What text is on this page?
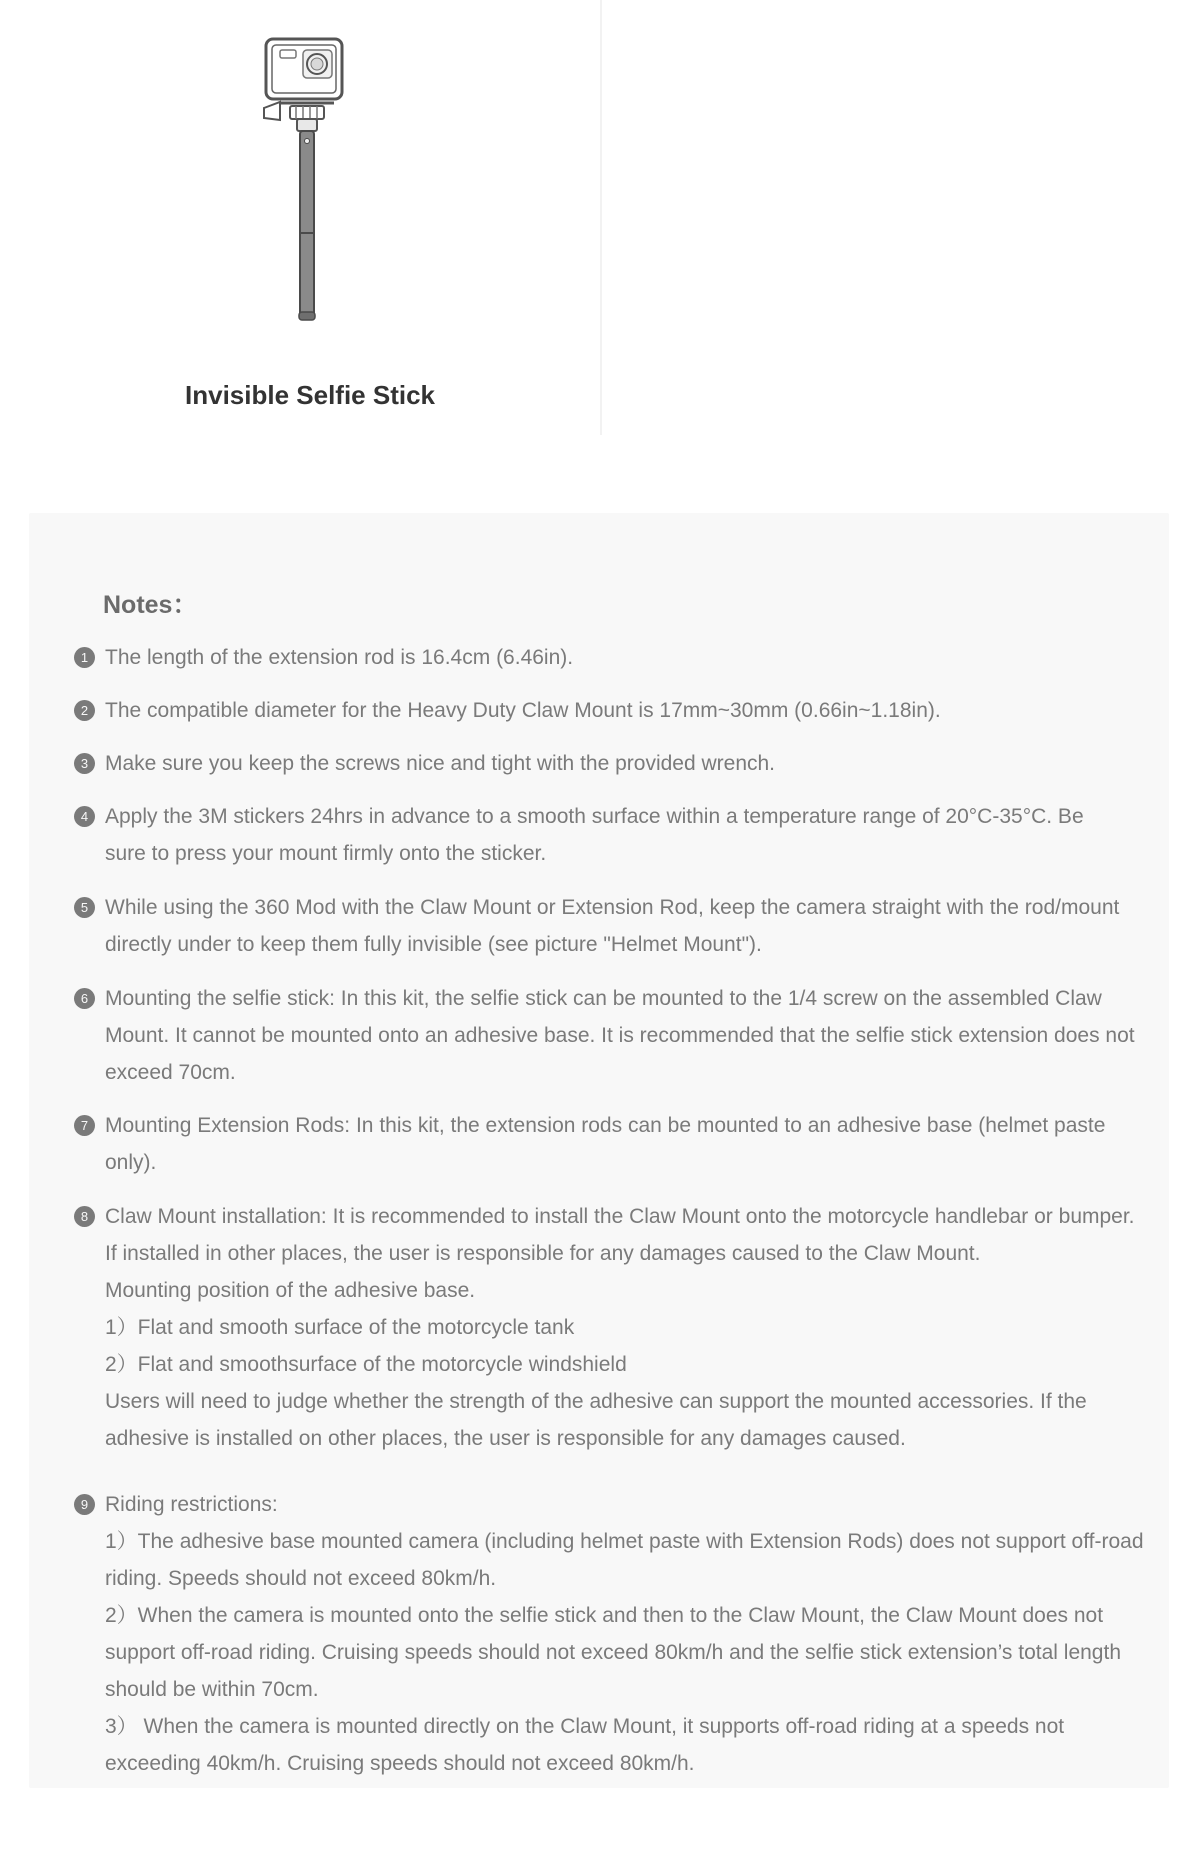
Invisible Selfie Stick
Notes：
1 The length of the extension rod is 16.4cm (6.46in).
2 The compatible diameter for the Heavy Duty Claw Mount is 17mm~30mm (0.66in~1.18in).
3 Make sure you keep the screws nice and tight with the provided wrench.
4 Apply the 3M stickers 24hrs in advance to a smooth surface within a temperature range of 20°C-35°C. Be
sure to press your mount firmly onto the sticker.
5 While using the 360 Mod with the Claw Mount or Extension Rod, keep the camera straight with the rod/mount
directly under to keep them fully invisible (see picture "Helmet Mount").
6 Mounting the selfie stick: In this kit, the selfie stick can be mounted to the 1/4 screw on the assembled Claw
Mount. It cannot be mounted onto an adhesive base. It is recommended that the selfie stick extension does not
exceed 70cm.
7 Mounting Extension Rods: In this kit, the extension rods can be mounted to an adhesive base (helmet paste
only).
8 Claw Mount installation: It is recommended to install the Claw Mount onto the motorcycle handlebar or bumper.
If installed in other places, the user is responsible for any damages caused to the Claw Mount.
Mounting position of the adhesive base.
1）Flat and smooth surface of the motorcycle tank
2）Flat and smoothsurface of the motorcycle windshield
Users will need to judge whether the strength of the adhesive can support the mounted accessories. If the
adhesive is installed on other places, the user is responsible for any damages caused.
9 Riding restrictions:
1）The adhesive base mounted camera (including helmet paste with Extension Rods) does not support off-road
riding. Speeds should not exceed 80km/h.
2）When the camera is mounted onto the selfie stick and then to the Claw Mount, the Claw Mount does not
support off-road riding. Cruising speeds should not exceed 80km/h and the selfie stick extension’s total length
should be within 70cm.
3） When the camera is mounted directly on the Claw Mount, it supports off-road riding at a speeds not
exceeding 40km/h. Cruising speeds should not exceed 80km/h.
